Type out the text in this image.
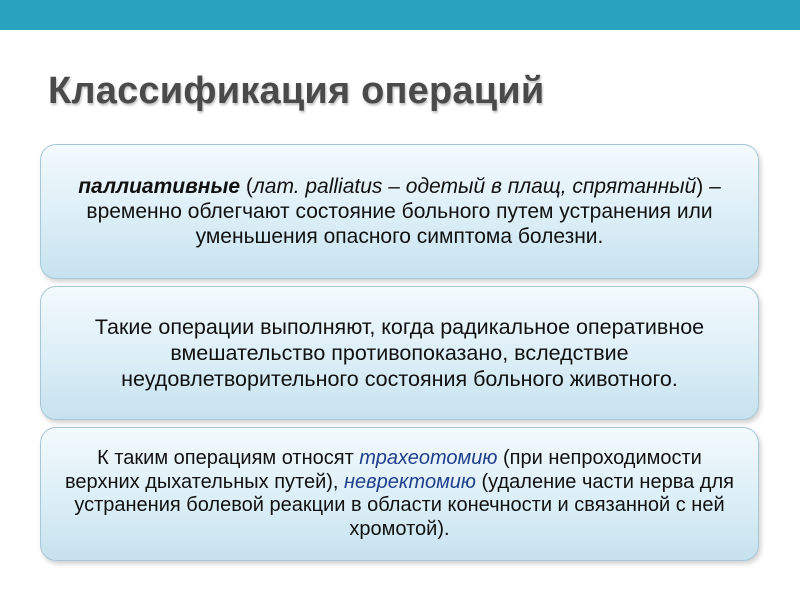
Классификация операций

паллиативные (лат. palliatus – одетый в плащ, спрятанный) – временно облегчают состояние больного путем устранения или уменьшения опасного симптома болезни.

Такие операции выполняют, когда радикальное оперативное вмешательство противопоказано, вследствие неудовлетворительного состояния больного животного.

К таким операциям относят трахеотомию (при непроходимости верхних дыхательных путей), невректомию (удаление части нерва для устранения болевой реакции в области конечности и связанной с ней хромотой).
